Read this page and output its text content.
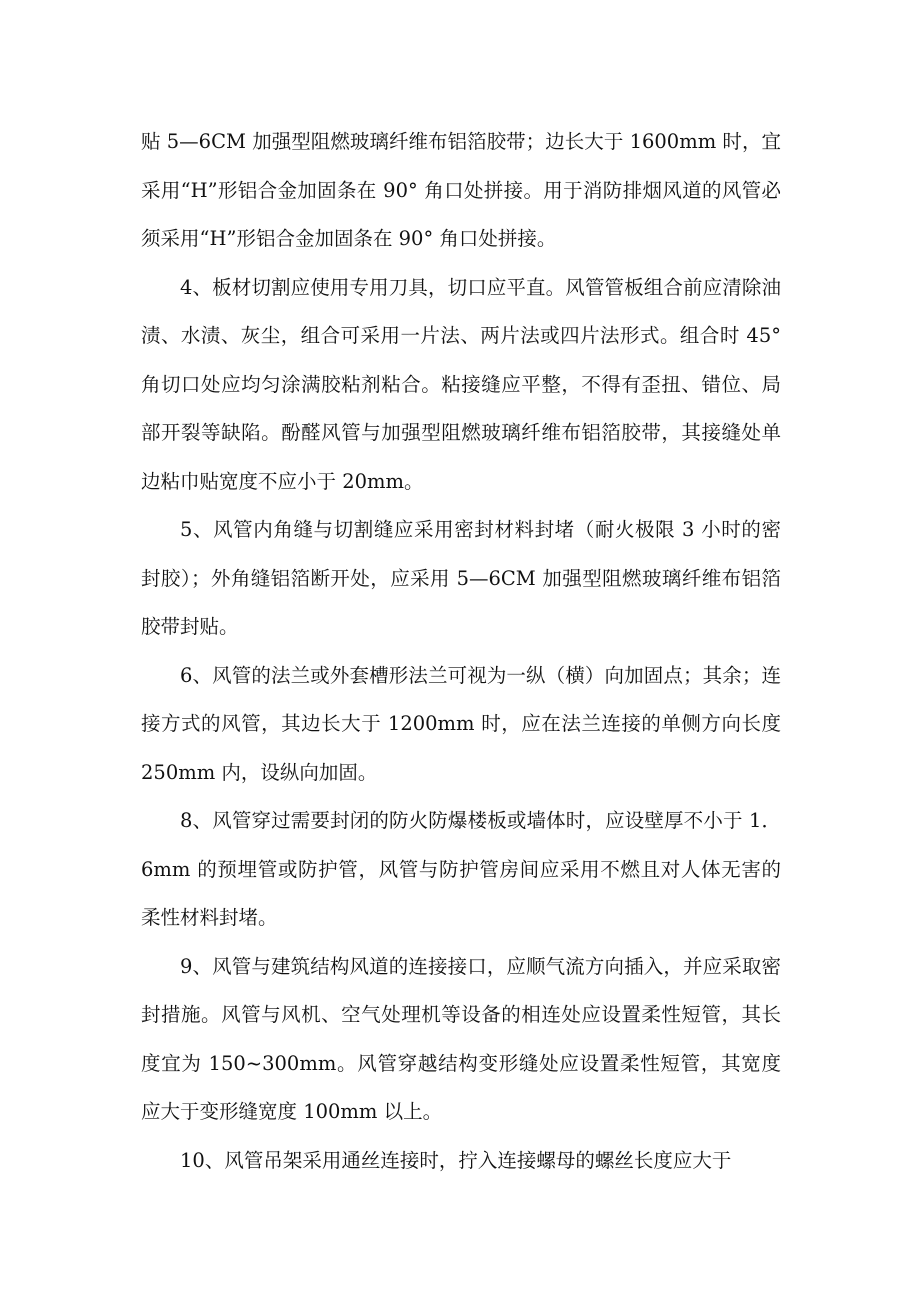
贴 5—6CM 加强型阻燃玻璃纤维布铝箔胶带；边长大于 1600mm 时，宜采用“H”形铝合金加固条在 90° 角口处拼接。用于消防排烟风道的风管必须采用“H”形铝合金加固条在 90° 角口处拼接。

4、板材切割应使用专用刀具，切口应平直。风管管板组合前应清除油渍、水渍、灰尘，组合可采用一片法、两片法或四片法形式。组合时 45° 角切口处应均匀涂满胶粘剂粘合。粘接缝应平整，不得有歪扭、错位、局部开裂等缺陷。酚醛风管与加强型阻燃玻璃纤维布铝箔胶带，其接缝处单边粘巾贴宽度不应小于 20mm。

5、风管内角缝与切割缝应采用密封材料封堵（耐火极限 3 小时的密封胶）；外角缝铝箔断开处，应采用 5—6CM 加强型阻燃玻璃纤维布铝箔胶带封贴。

6、风管的法兰或外套槽形法兰可视为一纵（横）向加固点；其余；连接方式的风管，其边长大于 1200mm 时，应在法兰连接的单侧方向长度 250mm 内，设纵向加固。

8、风管穿过需要封闭的防火防爆楼板或墙体时，应设壁厚不小于 1．6mm 的预埋管或防护管，风管与防护管房间应采用不燃且对人体无害的柔性材料封堵。

9、风管与建筑结构风道的连接接口，应顺气流方向插入，并应采取密封措施。风管与风机、空气处理机等设备的相连处应设置柔性短管，其长度宜为 150~300mm。风管穿越结构变形缝处应设置柔性短管，其宽度应大于变形缝宽度 100mm 以上。

10、风管吊架采用通丝连接时，拧入连接螺母的螺丝长度应大于
